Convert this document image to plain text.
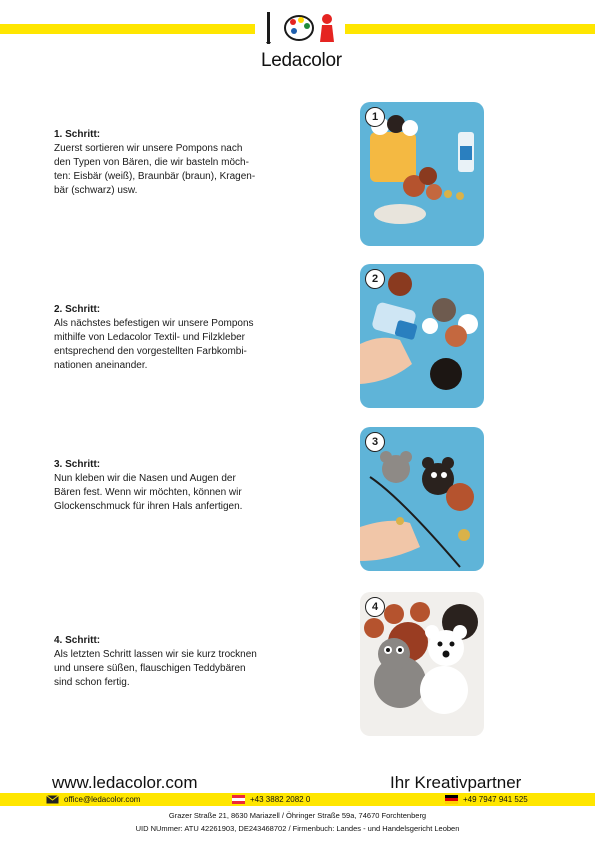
Ledacolor
1. Schritt:
Zuerst sortieren wir unsere Pompons nach
den Typen von Bären, die wir basteln möch-
ten: Eisbär (weiß), Braunbär (braun), Kragen-
bär (schwarz) usw.
1
2. Schritt:
Als nächstes befestigen wir unsere Pompons
mithilfe von Ledacolor Textil- und Filzkleber
entsprechend den vorgestellten Farbkombi-
nationen aneinander.
2
3. Schritt:
Nun kleben wir die Nasen und Augen der
Bären fest. Wenn wir möchten, können wir
Glockenschmuck für ihren Hals anfertigen.
3
4. Schritt:
Als letzten Schritt lassen wir sie kurz trocknen
und unsere süßen, flauschigen Teddybären
sind schon fertig.
4
www.ledacolor.com	Ihr Kreativpartner
office@ledacolor.com	+43 3882 2082 0	+49 7947 941 525
Grazer Straße 21, 8630 Mariazell / Öhringer Straße 59a, 74670 Forchtenberg
UID NUmmer: ATU 42261903, DE243468702 / Firmenbuch: Landes - und Handelsgericht Leoben
